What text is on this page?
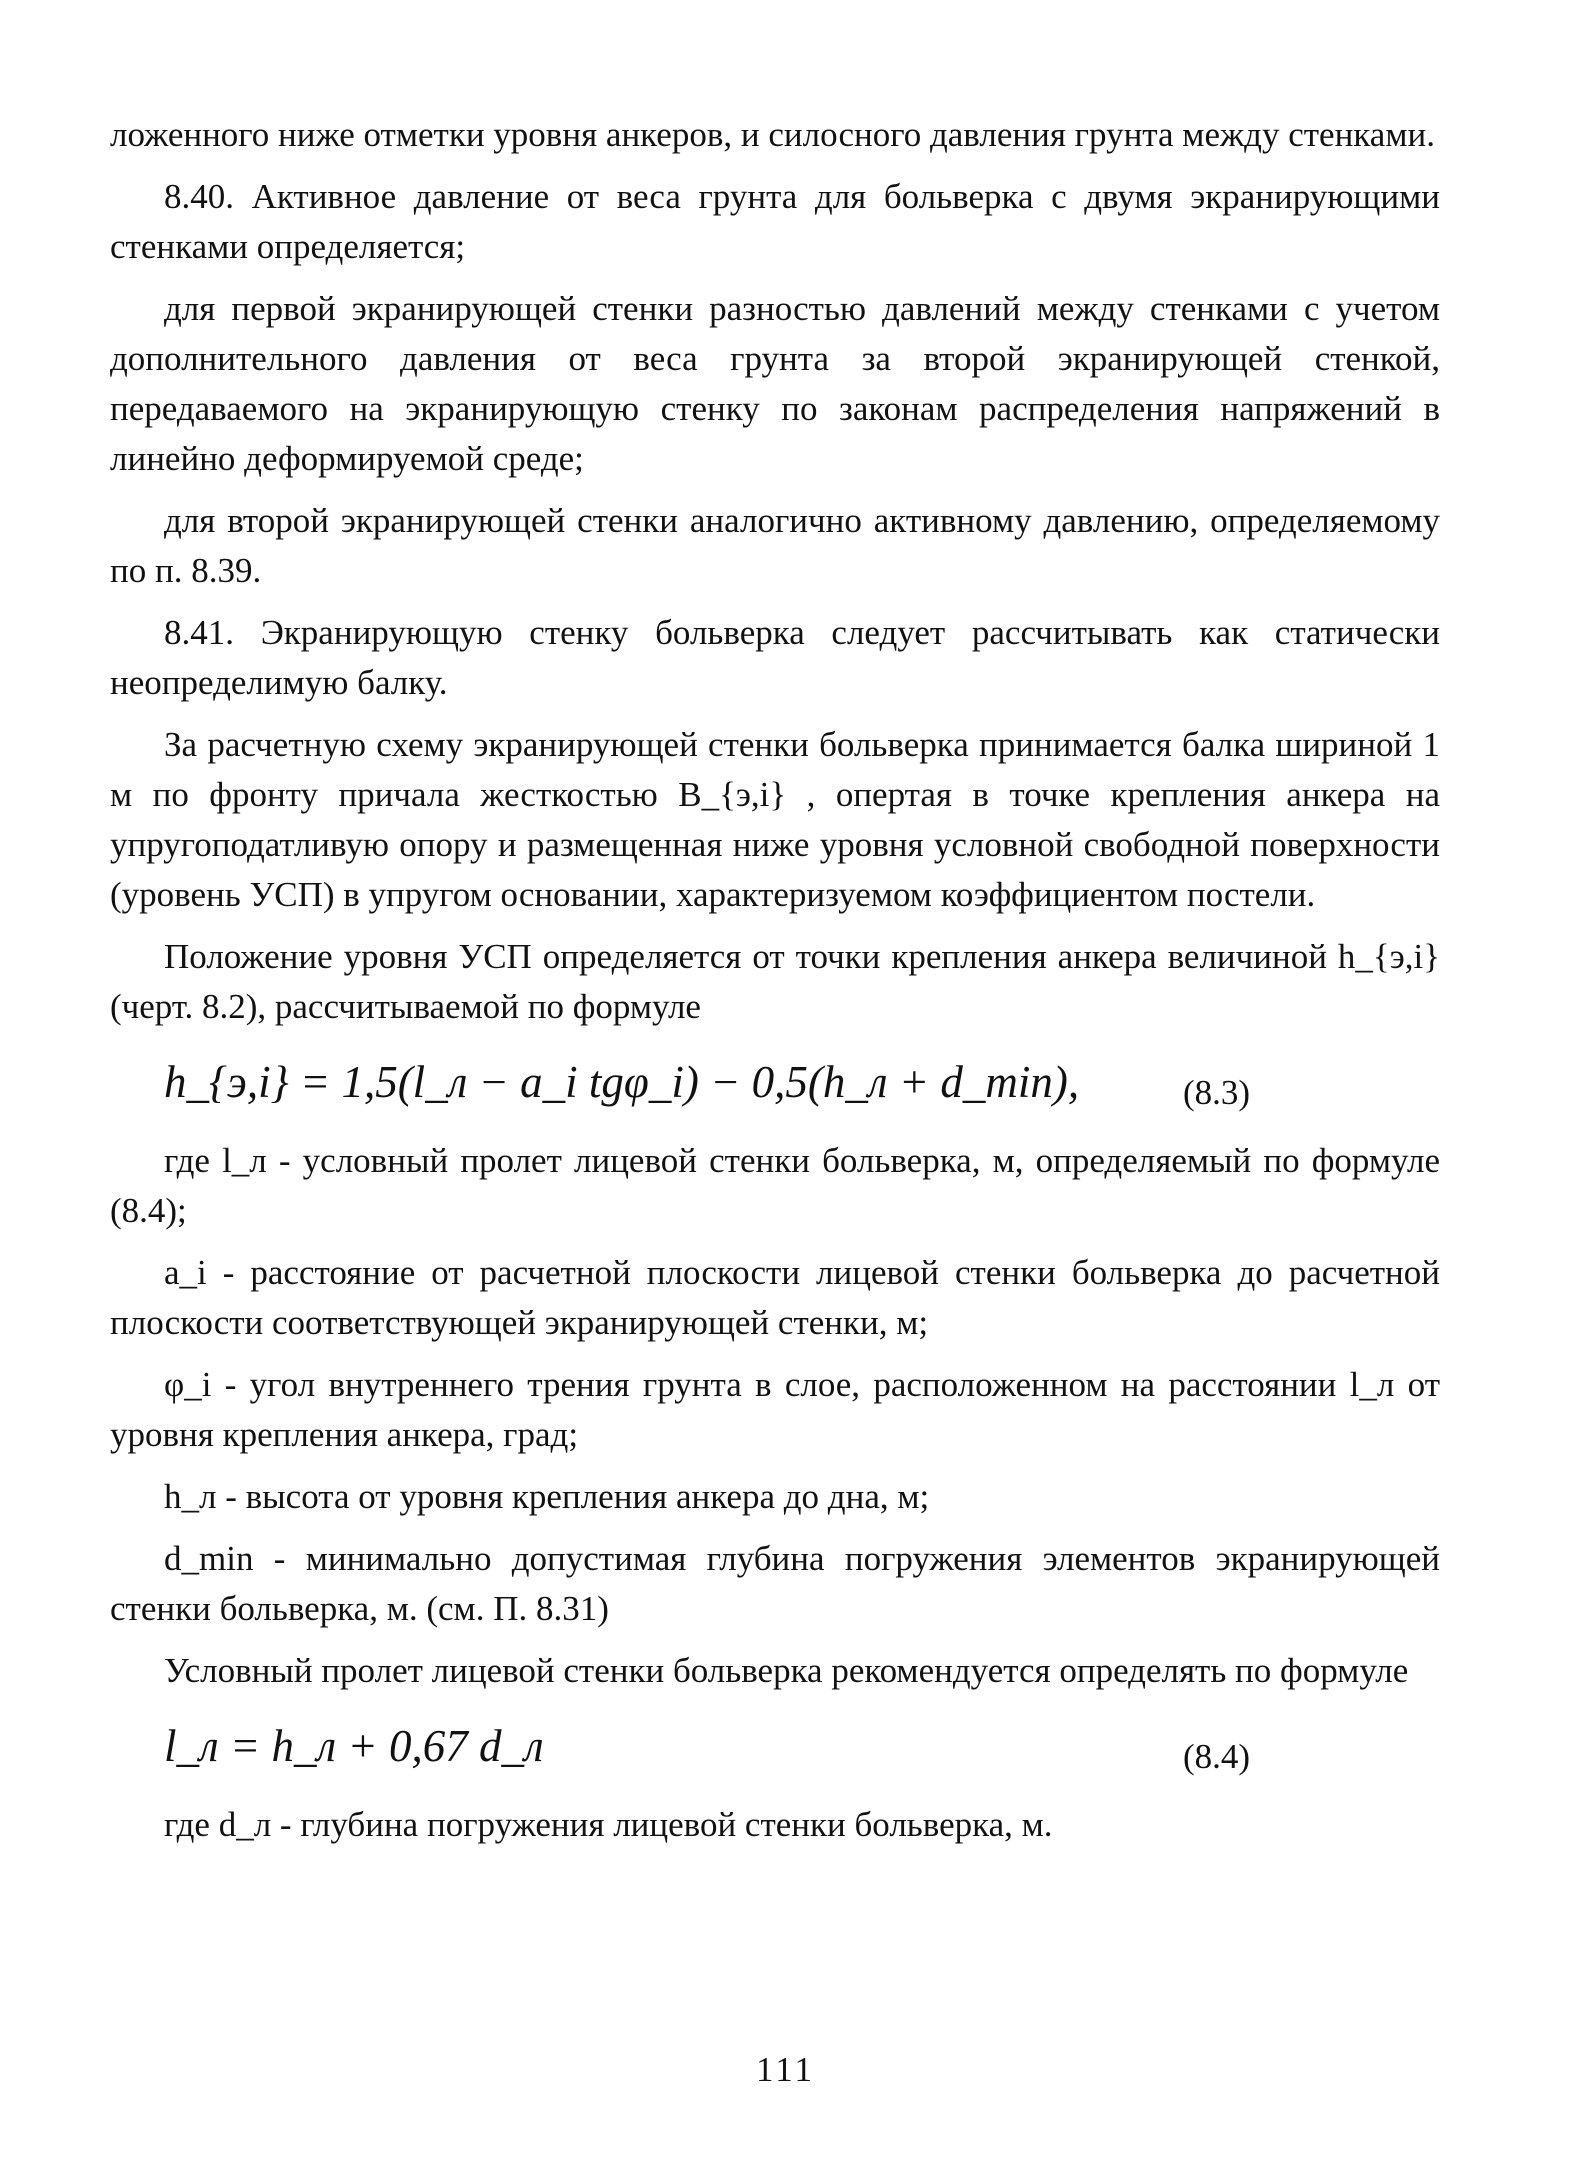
ложенного ниже отметки уровня анкеров, и силосного давления грунта между стенками.

8.40. Активное давление от веса грунта для больверка с двумя экранирующими стенками определяется;

для первой экранирующей стенки разностью давлений между стенками с учетом дополнительного давления от веса грунта за второй экранирующей стенкой, передаваемого на экранирующую стенку по законам распределения напряжений в линейно деформируемой среде;

для второй экранирующей стенки аналогично активному давлению, определяемому по п. 8.39.

8.41. Экранирующую стенку больверка следует рассчитывать как статически неопределимую балку.

За расчетную схему экранирующей стенки больверка принимается балка шириной 1 м по фронту причала жесткостью B_{э,i} , опертая в точке крепления анкера на упругоподатливую опору и размещенная ниже уровня условной свободной поверхности (уровень УСП) в упругом основании, характеризуемом коэффициентом постели.

Положение уровня УСП определяется от точки крепления анкера величиной h_{э,i} (черт. 8.2), рассчитываемой по формуле

h_{э,i} = 1,5(l_л − a_i tgφ_i) − 0,5(h_л + d_min),	(8.3)

где l_л - условный пролет лицевой стенки больверка, м, определяемый по формуле (8.4);

a_i - расстояние от расчетной плоскости лицевой стенки больверка до расчетной плоскости соответствующей экранирующей стенки, м;

φ_i - угол внутреннего трения грунта в слое, расположенном на расстоянии l_л от уровня крепления анкера, град;

h_л - высота от уровня крепления анкера до дна, м;

d_min - минимально допустимая глубина погружения элементов экранирующей стенки больверка, м. (см. П. 8.31)

Условный пролет лицевой стенки больверка рекомендуется определять по формуле

l_л = h_л + 0,67 d_л	(8.4)

где d_л - глубина погружения лицевой стенки больверка, м.

111
